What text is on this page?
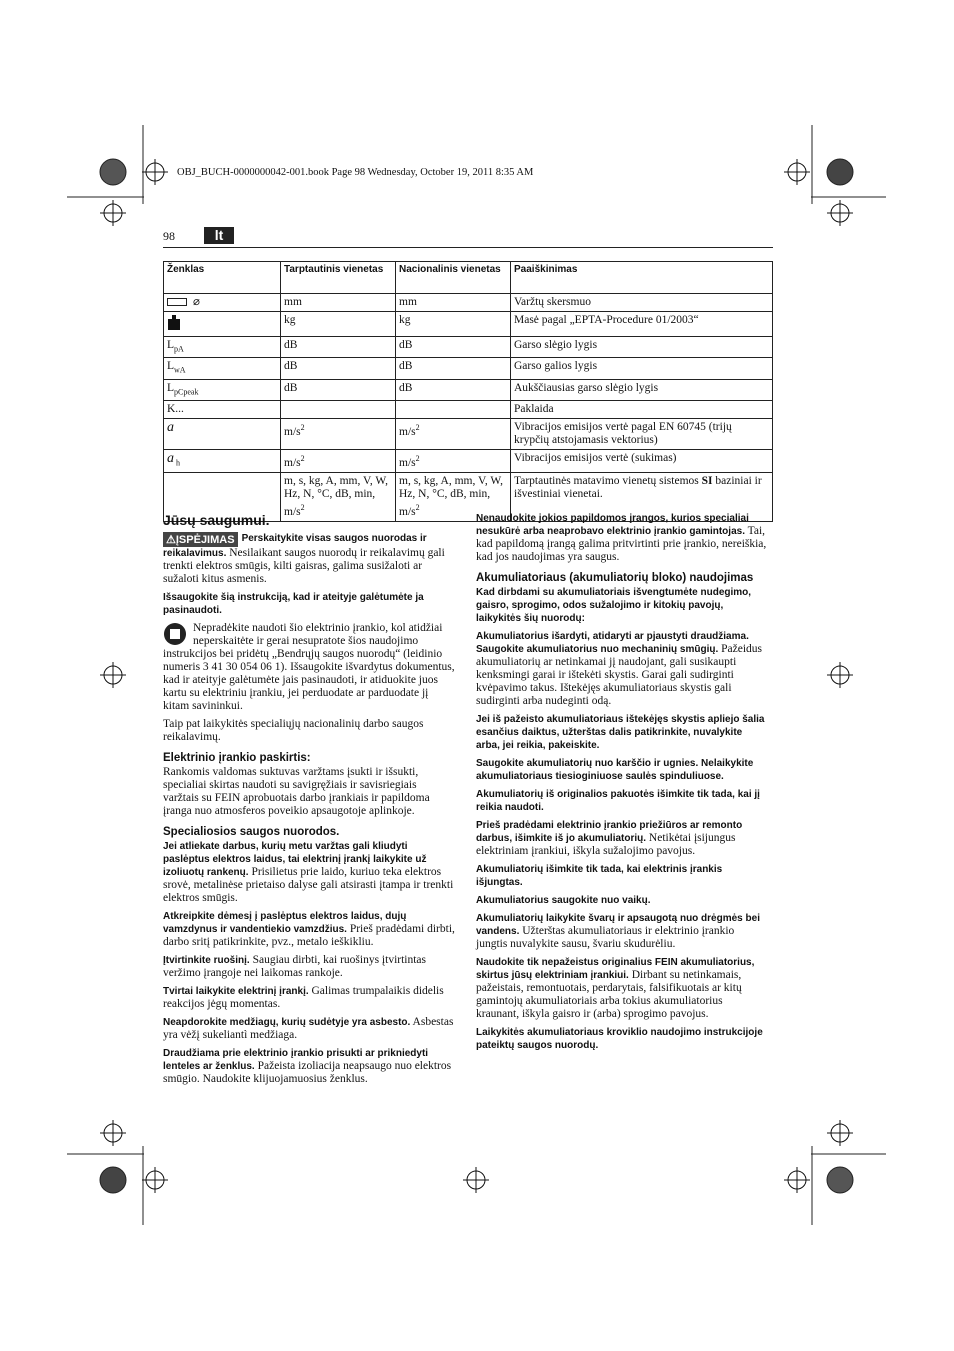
OBJ_BUCH-0000000042-001.book Page 98 Wednesday, October 19, 2011 8:35 AM
98	lt
Ženklas	Tarptautinis vienetas	Nacionalinis vienetas	Paaiškinimas
⌀	mm	mm	Varžtų skersmuo
	kg	kg	Masė pagal „EPTA-Procedure 01/2003“
$L_{pA}$	dB	dB	Garso slėgio lygis
$L_{wA}$	dB	dB	Garso galios lygis
$L_{pCpeak}$	dB	dB	Aukščiausias garso slėgio lygis
K...			Paklaida
a	$m/s^2$	$m/s^2$	Vibracijos emisijos vertė pagal EN 60745 (trijų krypčių atstojamasis vektorius)
a $_h$	$m/s^2$	$m/s^2$	Vibracijos emisijos vertė (sukimas)
	m, s, kg, A, mm, V, W, Hz, N, °C, dB, min, $m/s^2$	m, s, kg, A, mm, V, W, Hz, N, °C, dB, min, $m/s^2$	Tarptautinės matavimo vienetų sistemos SI baziniai ir išvestiniai vienetai.
Jūsų saugumui.

⚠ĮSPĖJIMAS Perskaitykite visas saugos nuorodas ir reikalavimus. Nesilaikant saugos nuorodų ir reikalavimų gali trenkti elektros smūgis, kilti gaisras, galima susižaloti ar sužaloti kitus asmenis.

Išsaugokite šią instrukciją, kad ir ateityje galėtumėte ja pasinaudoti.

Nepradėkite naudoti šio elektrinio įrankio, kol atidžiai neperskaitėte ir gerai nesupratote šios naudojimo instrukcijos bei pridėtų „Bendrųjų saugos nuorodų“ (leidinio numeris 3 41 30 054 06 1). Išsaugokite išvardytus dokumentus, kad ir ateityje galėtumėte jais pasinaudoti, ir atiduokite juos kartu su elektriniu įrankiu, jei perduodate ar parduodate jį kitam savininkui.

Taip pat laikykitės specialiųjų nacionalinių darbo saugos reikalavimų.

Elektrinio įrankio paskirtis:

Rankomis valdomas suktuvas varžtams įsukti ir išsukti, specialiai skirtas naudoti su savigręžiais ir savisriegiais varžtais su FEIN aprobuotais darbo įrankiais ir papildoma įranga nuo atmosferos poveikio apsaugotoje aplinkoje.

Specialiosios saugos nuorodos.

Jei atliekate darbus, kurių metu varžtas gali kliudyti paslėptus elektros laidus, tai elektrinį įrankį laikykite už izoliuotų rankenų. Prisilietus prie laido, kuriuo teka elektros srovė, metalinėse prietaiso dalyse gali atsirasti įtampa ir trenkti elektros smūgis.

Atkreipkite dėmesį į paslėptus elektros laidus, dujų vamzdynus ir vandentiekio vamzdžius. Prieš pradėdami dirbti, darbo sritį patikrinkite, pvz., metalo ieškikliu.

Įtvirtinkite ruošinį. Saugiau dirbti, kai ruošinys įtvirtintas veržimo įrangoje nei laikomas rankoje.

Tvirtai laikykite elektrinį įrankį. Galimas trumpalaikis didelis reakcijos jėgų momentas.

Neapdorokite medžiagų, kurių sudėtyje yra asbesto. Asbestas yra vėžį sukeliantì medžiaga.

Draudžiama prie elektrinio įrankio prisukti ar prikniedyti lenteles ar ženklus. Pažeista izoliacija neapsaugo nuo elektros smūgio. Naudokite klijuojamuosius ženklus.

Nenaudokite jokios papildomos įrangos, kurios specialiai nesukūrė arba neaprobavo elektrinio įrankio gamintojas. Tai, kad papildomą įrangą galima pritvirtinti prie įrankio, nereiškia, kad jos naudojimas yra saugus.

Akumuliatoriaus (akumuliatorių bloko) naudojimas

Kad dirbdami su akumuliatoriais išvengtumėte nudegimo, gaisro, sprogimo, odos sužalojimo ir kitokių pavojų, laikykitės šių nuorodų:

Akumuliatorius išardyti, atidaryti ar pjaustyti draudžiama. Saugokite akumuliatorius nuo mechaninių smūgių. Pažeidus akumuliatorių ar netinkamai jį naudojant, gali susikaupti kenksmingi garai ir ištekėti skystis. Garai gali sudirginti kvėpavimo takus. Ištekėjęs akumuliatoriaus skystis gali sudirginti arba nudeginti odą.

Jei iš pažeisto akumuliatoriaus ištekėjęs skystis apliejo šalia esančius daiktus, užterštas dalis patikrinkite, nuvalykite arba, jei reikia, pakeiskite.

Saugokite akumuliatorių nuo karščio ir ugnies. Nelaikykite akumuliatoriaus tiesioginiuose saulės spinduliuose.

Akumuliatorių iš originalios pakuotės išimkite tik tada, kai jį reikia naudoti.

Prieš pradėdami elektrinio įrankio priežiūros ar remonto darbus, išimkite iš jo akumuliatorių. Netikėtai įsijungus elektriniam įrankiui, iškyla sužalojimo pavojus.

Akumuliatorių išimkite tik tada, kai elektrinis įrankis išjungtas.

Akumuliatorius saugokite nuo vaikų.

Akumuliatorių laikykite švarų ir apsaugotą nuo drėgmės bei vandens. Užterštas akumuliatoriaus ir elektrinio įrankio jungtis nuvalykite sausu, švariu skudurėliu.

Naudokite tik nepažeistus originalius FEIN akumuliatorius, skirtus jūsų elektriniam įrankiui. Dirbant su netinkamais, pažeistais, remontuotais, perdarytais, falsifikuotais ar kitų gamintojų akumuliatoriais arba tokius akumuliatorius kraunant, iškyla gaisro ir (arba) sprogimo pavojus.

Laikykitės akumuliatoriaus kroviklio naudojimo instrukcijoje pateiktų saugos nuorodų.
